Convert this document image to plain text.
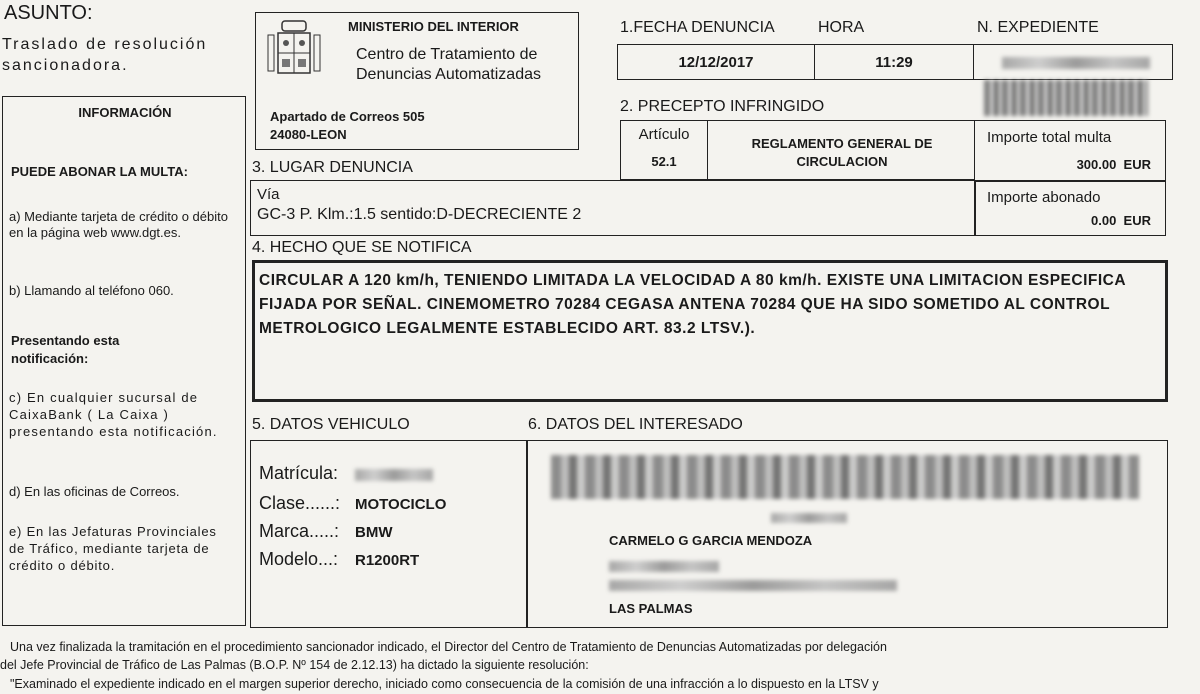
ASUNTO:
Traslado de resolución
sancionadora.
INFORMACIÓN
PUEDE ABONAR LA MULTA:
a) Mediante tarjeta de crédito o débito en la página web www.dgt.es.
b) Llamando al teléfono 060.
Presentando esta notificación:
c) En cualquier sucursal de CaixaBank ( La Caixa ) presentando esta notificación.
d) En las oficinas de Correos.
e) En las Jefaturas Provinciales de Tráfico, mediante tarjeta de crédito o débito.
MINISTERIO DEL INTERIOR
Centro de Tratamiento de
Denuncias Automatizadas
Apartado de Correos 505
24080-LEON
1.FECHA DENUNCIA	HORA	N. EXPEDIENTE
12/12/2017	11:29
2. PRECEPTO INFRINGIDO
Artículo
52.1
REGLAMENTO GENERAL DE CIRCULACION
Importe total multa
300.00  EUR
Importe abonado
0.00  EUR
3. LUGAR DENUNCIA
Vía
GC-3 P. Klm.:1.5 sentido:D-DECRECIENTE 2
4. HECHO QUE SE NOTIFICA
CIRCULAR A 120 km/h, TENIENDO LIMITADA LA VELOCIDAD A 80 km/h. EXISTE UNA LIMITACION ESPECIFICA FIJADA POR SEÑAL. CINEMOMETRO 70284 CEGASA ANTENA 70284 QUE HA SIDO SOMETIDO AL CONTROL METROLOGICO LEGALMENTE ESTABLECIDO ART. 83.2 LTSV.).
5. DATOS VEHICULO
Matrícula:
Clase......: MOTOCICLO
Marca.....: BMW
Modelo...: R1200RT
6. DATOS DEL INTERESADO
CARMELO G GARCIA MENDOZA
LAS PALMAS
Una vez finalizada la tramitación en el procedimiento sancionador indicado, el Director del Centro de Tratamiento de Denuncias Automatizadas por delegación
del Jefe Provincial de Tráfico de Las Palmas (B.O.P. Nº 154 de 2.12.13) ha dictado la siguiente resolución:
"Examinado el expediente indicado en el margen superior derecho, iniciado como consecuencia de la comisión de una infracción a lo dispuesto en la LTSV y
